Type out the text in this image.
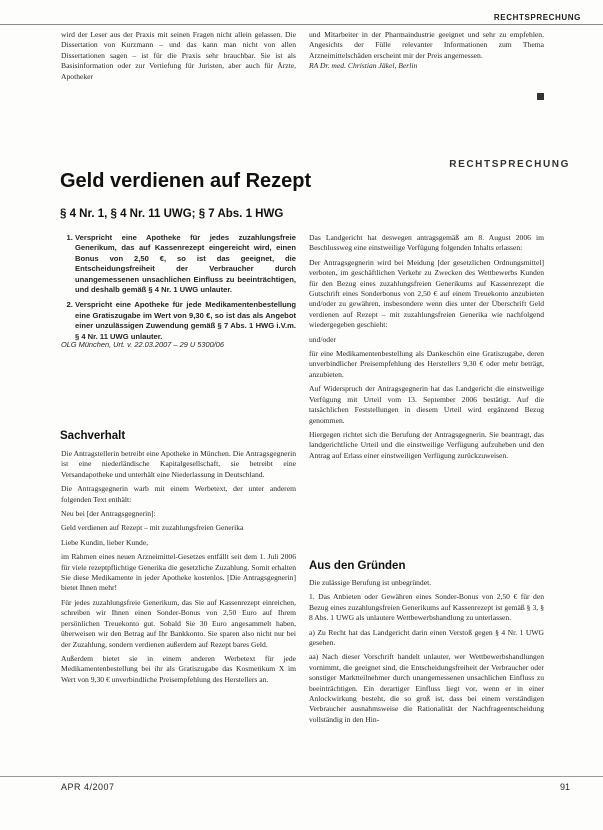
RECHTSPRECHUNG

wird der Leser aus der Praxis mit seinen Fragen nicht allein gelassen. Die Dissertation von Kurzmann – und das kann man nicht von allen Dissertationen sagen – ist für die Praxis sehr brauchbar. Sie ist als Basisinformation oder zur Vertiefung für Juristen, aber auch für Ärzte, Apotheker

und Mitarbeiter in der Pharmaindustrie geeignet und sehr zu empfehlen. Angesichts der Fülle relevanter Informationen zum Thema Arzneimittelschäden erscheint mir der Preis angemessen.

RA Dr. med. Christian Jäkel, Berlin

RECHTSPRECHUNG
Geld verdienen auf Rezept
§ 4 Nr. 1, § 4 Nr. 11 UWG; § 7 Abs. 1 HWG
1. Verspricht eine Apotheke für jedes zuzahlungsfreie Generikum, das auf Kassenrezept eingereicht wird, einen Bonus von 2,50 €, so ist das geeignet, die Entscheidungsfreiheit der Verbraucher durch unangemessenen unsachlichen Einfluss zu beeinträchtigen, und deshalb gemäß § 4 Nr. 1 UWG unlauter.
2. Verspricht eine Apotheke für jede Medikamentenbestellung eine Gratiszugabe im Wert von 9,30 €, so ist das als Angebot einer unzulässigen Zuwendung gemäß § 7 Abs. 1 HWG i.V.m. § 4 Nr. 11 UWG unlauter.
OLG München, Urt. v. 22.03.2007 – 29 U 5300/06
Sachverhalt

Die Antragstellerin betreibt eine Apotheke in München. Die Antragsgegnerin ist eine niederländische Kapitalgesellschaft, sie betreibt eine Versandapotheke und unterhält eine Niederlassung in Deutschland.

Die Antragsgegnerin warb mit einem Werbetext, der unter anderem folgenden Text enthält:

Neu bei [der Antragsgegnerin]:

Geld verdienen auf Rezept – mit zuzahlungsfreien Generika

Liebe Kundin, lieber Kunde,

im Rahmen eines neuen Arzneimittel-Gesetzes entfällt seit dem 1. Juli 2006 für viele rezeptpflichtige Generika die gesetzliche Zuzahlung. Somit erhalten Sie diese Medikamente in jeder Apotheke kostenlos. [Die Antragsgegnerin] bietet Ihnen mehr!

Für jedes zuzahlungsfreie Generikum, das Sie auf Kassenrezept einreichen, schreiben wir Ihnen einen Sonder-Bonus von 2,50 Euro auf Ihrem persönlichen Treuekonto gut. Sobald Sie 30 Euro angesammelt haben, überweisen wir den Betrag auf Ihr Bankkonto. Sie sparen also nicht nur bei der Zuzahlung, sondern verdienen außerdem auf Rezept bares Geld.

Außerdem bietet sie in einem anderen Werbetext für jede Medikamentenbestellung bei ihr als Gratiszugabe das Kosmetikum X im Wert von 9,30 € unverbindliche Preisempfehlung des Herstellers an.

Das Landgericht hat deswegen antragsgemäß am 8. August 2006 im Beschlussweg eine einstweilige Verfügung folgenden Inhalts erlassen:

Der Antragsgegnerin wird bei Meidung [der gesetzlichen Ordnungsmittel] verboten, im geschäftlichen Verkehr zu Zwecken des Wettbewerbs Kunden für den Bezug eines zuzahlungsfreien Generikums auf Kassenrezept die Gutschrift eines Sonderbonus von 2,50 € auf einem Treuekonto anzubieten und/oder zu gewähren, insbesondere wenn dies unter der Überschrift Geld verdienen auf Rezept – mit zuzahlungsfreien Generika wie nachfolgend wiedergegeben geschieht:

und/oder

für eine Medikamentenbestellung als Dankeschön eine Gratiszugabe, deren unverbindlicher Preisempfehlung des Herstellers 9,30 € oder mehr beträgt, anzubieten.

Auf Widerspruch der Antragsgegnerin hat das Landgericht die einstweilige Verfügung mit Urteil vom 13. September 2006 bestätigt. Auf die tatsächlichen Feststellungen in diesem Urteil wird ergänzend Bezug genommen.

Hiergegen richtet sich die Berufung der Antragsgegnerin. Sie beantragt, das landgerichtliche Urteil und die einstweilige Verfügung aufzuheben und den Antrag auf Erlass einer einstweiligen Verfügung zurückzuweisen.

Aus den Gründen

Die zulässige Berufung ist unbegründet.

1. Das Anbieten oder Gewähren eines Sonder-Bonus von 2,50 € für den Bezug eines zuzahlungsfreien Generikums auf Kassenrezept ist gemäß § 3, § 8 Abs. 1 UWG als unlautere Wettbewerbshandlung zu unterlassen.

a) Zu Recht hat das Landgericht darin einen Verstoß gegen § 4 Nr. 1 UWG gesehen.

aa) Nach dieser Vorschrift handelt unlauter, wer Wettbewerbshandlungen vornimmt, die geeignet sind, die Entscheidungsfreiheit der Verbraucher oder sonstiger Marktteilnehmer durch unangemessenen unsachlichen Einfluss zu beeinträchtigen. Ein derartiger Einfluss liegt vor, wenn er in einer Anlockwirkung besteht, die so groß ist, dass bei einem verständigen Verbraucher ausnahmsweise die Rationalität der Nachfrageentscheidung vollständig in den Hin-

APR 4/2007	91
